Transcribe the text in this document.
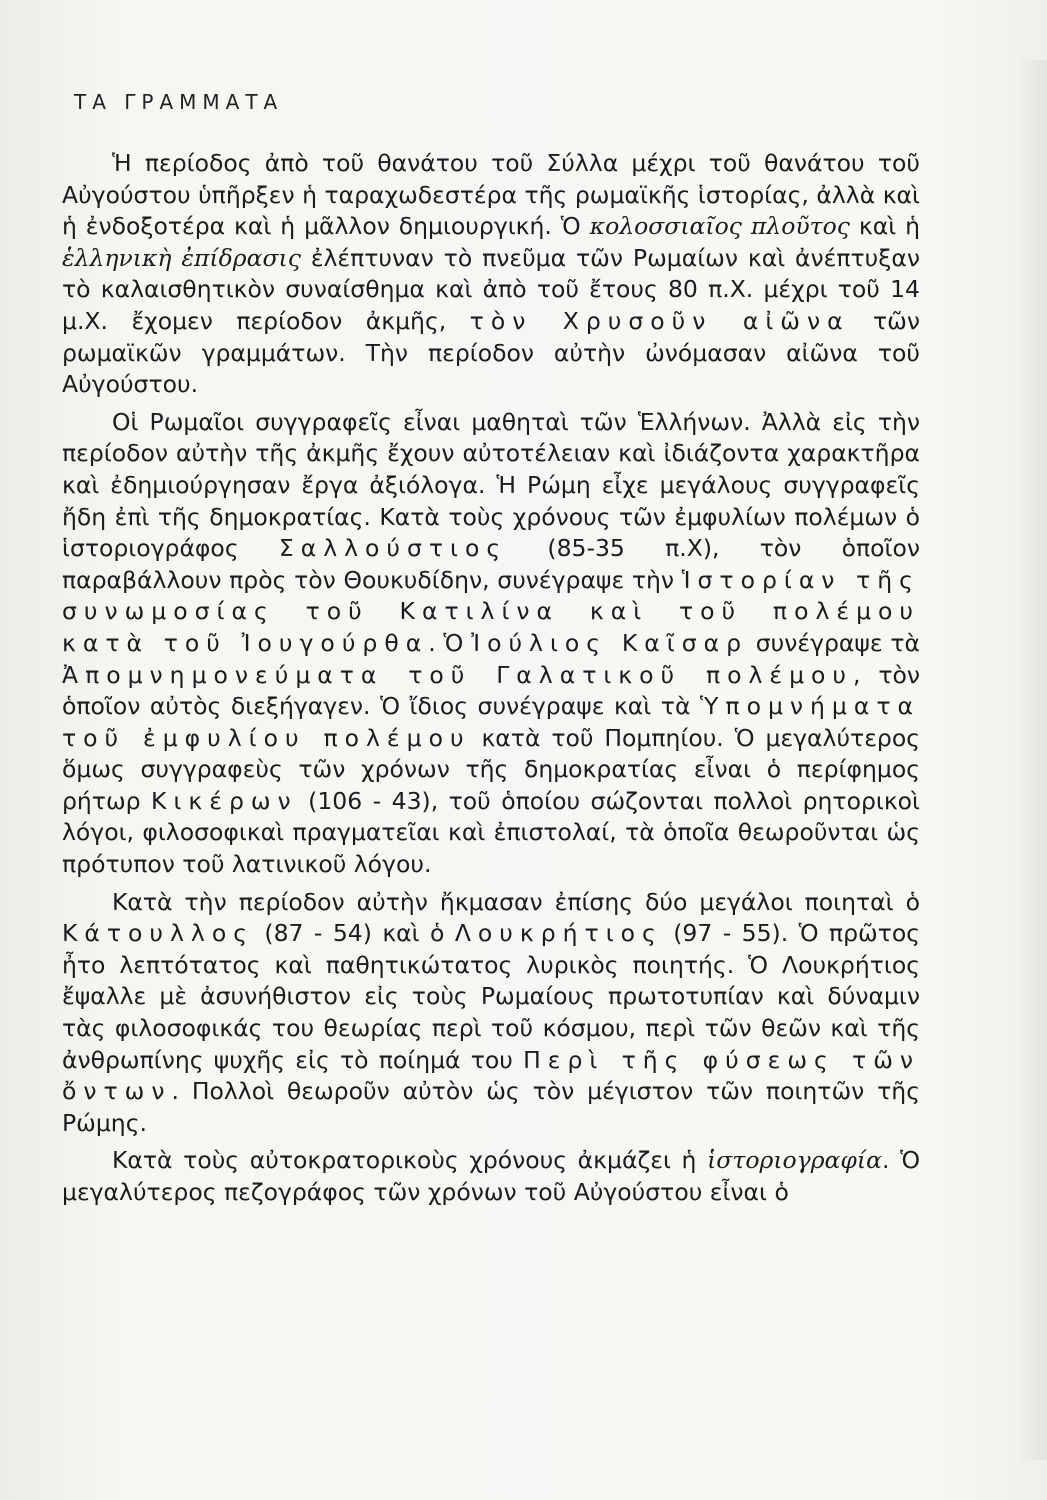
ΤΑ ΓΡΑΜΜΑΤΑ

Ἡ περίοδος ἀπὸ τοῦ θανάτου τοῦ Σύλλα μέχρι τοῦ θανάτου τοῦ Αὐγούστου ὑπῆρξεν ἡ ταραχωδεστέρα τῆς ρωμαϊκῆς ἱστορίας, ἀλλὰ καὶ ἡ ἐνδοξοτέρα καὶ ἡ μᾶλλον δημιουργική. Ὁ κολοσσιαῖος πλοῦτος καὶ ἡ ἑλληνικὴ ἐπίδρασις ἐλέπτυναν τὸ πνεῦμα τῶν Ρωμαίων καὶ ἀνέπτυξαν τὸ καλαισθητικὸν συναίσθημα καὶ ἀπὸ τοῦ ἔτους 80 π.Χ. μέχρι τοῦ 14 μ.Χ. ἔχομεν περίοδον ἀκμῆς, τὸν Χρυσοῦν αἰῶνα τῶν ρωμαϊκῶν γραμμάτων. Τὴν περίοδον αὐτὴν ὠνόμασαν αἰῶνα τοῦ Αὐγούστου.

Οἱ Ρωμαῖοι συγγραφεῖς εἶναι μαθηταὶ τῶν Ἑλλήνων. Ἀλλὰ εἰς τὴν περίοδον αὐτὴν τῆς ἀκμῆς ἔχουν αὐτοτέλειαν καὶ ἰδιάζοντα χαρακτῆρα καὶ ἐδημιούργησαν ἔργα ἀξιόλογα. Ἡ Ρώμη εἶχε μεγάλους συγγραφεῖς ἤδη ἐπὶ τῆς δημοκρατίας. Κατὰ τοὺς χρόνους τῶν ἐμφυλίων πολέμων ὁ ἱστοριογράφος Σαλλούστιος (85-35 π.Χ), τὸν ὁποῖον παραβάλλουν πρὸς τὸν Θουκυδίδην, συνέγραψε τὴν Ἱστορίαν τῆς συνωμοσίας τοῦ Κατιλίνα καὶ τοῦ πολέμου κατὰ τοῦ Ἰουγούρθα. Ὁ Ἰούλιος Καῖσαρ συνέγραψε τὰ Ἀπομνημονεύματα τοῦ Γαλατικοῦ πολέμου, τὸν ὁποῖον αὐτὸς διεξήγαγεν. Ὁ ἴδιος συνέγραψε καὶ τὰ Ὑπομνήματα τοῦ ἐμφυλίου πολέμου κατὰ τοῦ Πομπηίου. Ὁ μεγαλύτερος ὅμως συγγραφεὺς τῶν χρόνων τῆς δημοκρατίας εἶναι ὁ περίφημος ρήτωρ Κικέρων (106 - 43), τοῦ ὁποίου σώζονται πολλοὶ ρητορικοὶ λόγοι, φιλοσοφικαὶ πραγματεῖαι καὶ ἐπιστολαί, τὰ ὁποῖα θεωροῦνται ὡς πρότυπον τοῦ λατινικοῦ λόγου.

Κατὰ τὴν περίοδον αὐτὴν ἤκμασαν ἐπίσης δύο μεγάλοι ποιηταὶ ὁ Κάτουλλος (87 - 54) καὶ ὁ Λουκρήτιος (97 - 55). Ὁ πρῶτος ἦτο λεπτότατος καὶ παθητικώτατος λυρικὸς ποιητής. Ὁ Λουκρήτιος ἔψαλλε μὲ ἀσυνήθιστον εἰς τοὺς Ρωμαίους πρωτοτυπίαν καὶ δύναμιν τὰς φιλοσοφικάς του θεωρίας περὶ τοῦ κόσμου, περὶ τῶν θεῶν καὶ τῆς ἀνθρωπίνης ψυχῆς εἰς τὸ ποίημά του Περὶ τῆς φύσεως τῶν ὄντων. Πολλοὶ θεωροῦν αὐτὸν ὡς τὸν μέγιστον τῶν ποιητῶν τῆς Ρώμης.

Κατὰ τοὺς αὐτοκρατορικοὺς χρόνους ἀκμάζει ἡ ἱστοριογραφία. Ὁ μεγαλύτερος πεζογράφος τῶν χρόνων τοῦ Αὐγούστου εἶναι ὁ
